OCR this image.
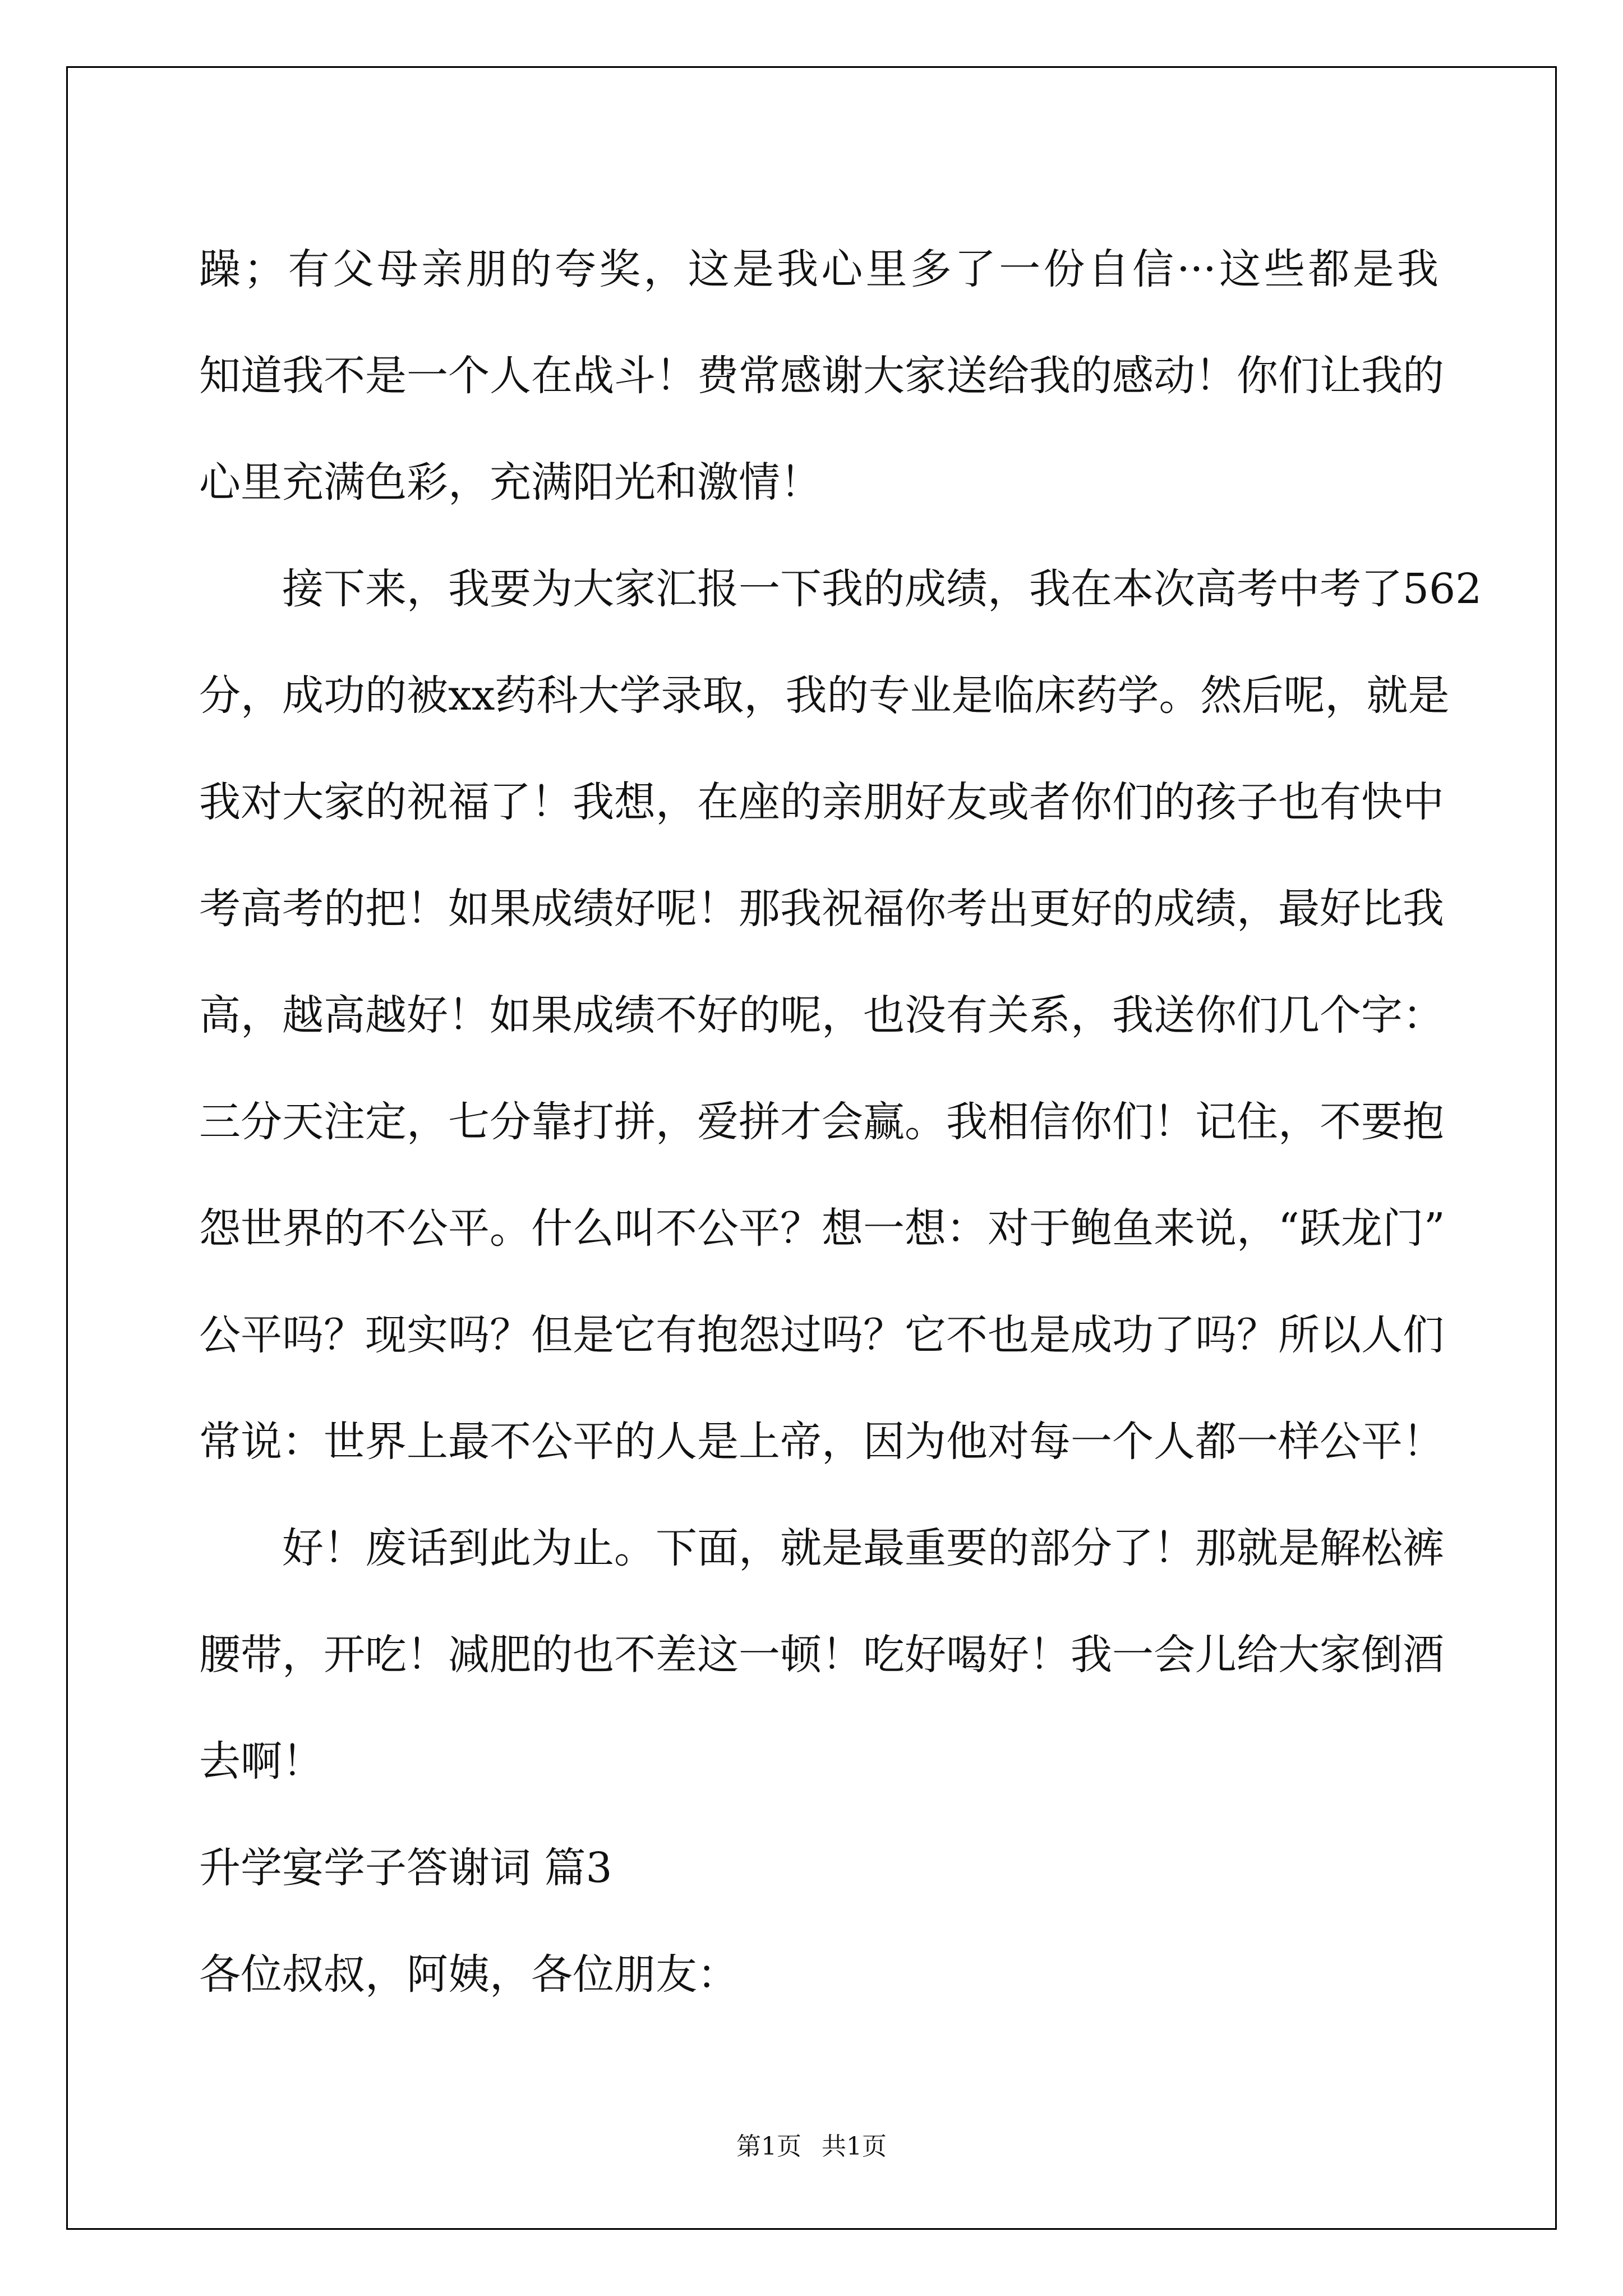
躁；有父母亲朋的夸奖，这是我心里多了一份自信···这些都是我
知道我不是一个人在战斗！费常感谢大家送给我的感动！你们让我的
心里充满色彩，充满阳光和激情！
接下来，我要为大家汇报一下我的成绩，我在本次高考中考了562
分，成功的被xx药科大学录取，我的专业是临床药学。然后呢，就是
我对大家的祝福了！我想，在座的亲朋好友或者你们的孩子也有快中
考高考的把！如果成绩好呢！那我祝福你考出更好的成绩，最好比我
高，越高越好！如果成绩不好的呢，也没有关系，我送你们几个字：
三分天注定，七分靠打拼，爱拼才会赢。我相信你们！记住，不要抱
怨世界的不公平。什么叫不公平？想一想：对于鲍鱼来说，“跃龙门”
公平吗？现实吗？但是它有抱怨过吗？它不也是成功了吗？所以人们
常说：世界上最不公平的人是上帝，因为他对每一个人都一样公平！
好！废话到此为止。下面，就是最重要的部分了！那就是解松裤
腰带，开吃！减肥的也不差这一顿！吃好喝好！我一会儿给大家倒酒
去啊！
升学宴学子答谢词 篇3
各位叔叔，阿姨，各位朋友：
第1页 共1页
